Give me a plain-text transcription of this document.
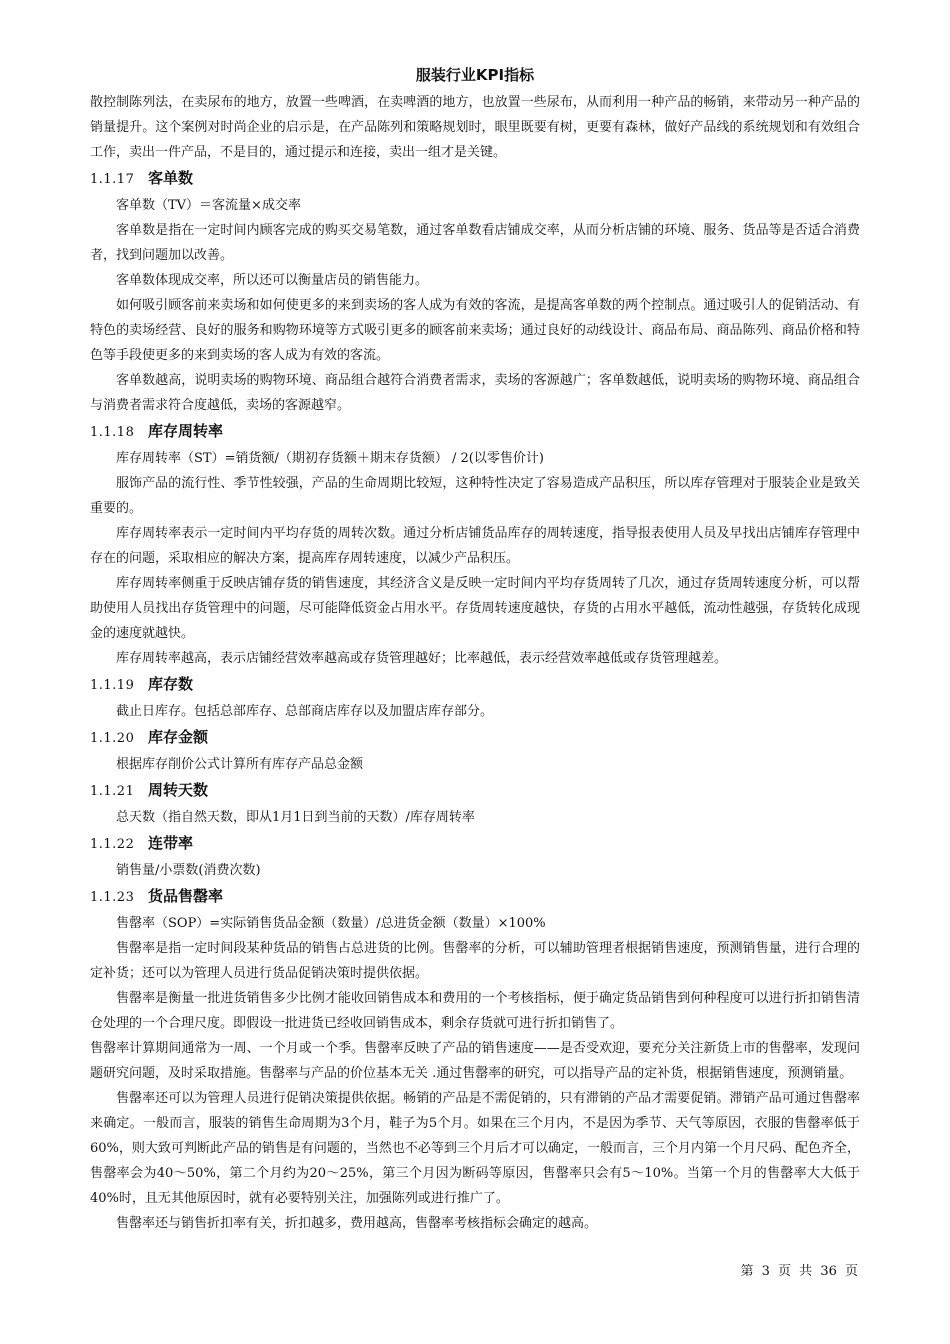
服装行业KPI指标

散控制陈列法，在卖尿布的地方，放置一些啤酒，在卖啤酒的地方，也放置一些尿布，从而利用一种产品的畅销，来带动另一种产品的销量提升。这个案例对时尚企业的启示是，在产品陈列和策略规划时，眼里既要有树，更要有森林，做好产品线的系统规划和有效组合工作，卖出一件产品，不是目的，通过提示和连接，卖出一组才是关键。

1.1.17 客单数

客单数（TV）＝客流量×成交率

客单数是指在一定时间内顾客完成的购买交易笔数，通过客单数看店铺成交率，从而分析店铺的环境、服务、货品等是否适合消费者，找到问题加以改善。

客单数体现成交率，所以还可以衡量店员的销售能力。

如何吸引顾客前来卖场和如何使更多的来到卖场的客人成为有效的客流，是提高客单数的两个控制点。通过吸引人的促销活动、有特色的卖场经营、良好的服务和购物环境等方式吸引更多的顾客前来卖场；通过良好的动线设计、商品布局、商品陈列、商品价格和特色等手段使更多的来到卖场的客人成为有效的客流。

客单数越高，说明卖场的购物环境、商品组合越符合消费者需求，卖场的客源越广；客单数越低，说明卖场的购物环境、商品组合与消费者需求符合度越低，卖场的客源越窄。

1.1.18 库存周转率

库存周转率（ST）=销货额/（期初存货额＋期末存货额） / 2(以零售价计)

服饰产品的流行性、季节性较强，产品的生命周期比较短，这种特性决定了容易造成产品积压，所以库存管理对于服装企业是致关重要的。

库存周转率表示一定时间内平均存货的周转次数。通过分析店铺货品库存的周转速度，指导报表使用人员及早找出店铺库存管理中存在的问题，采取相应的解决方案，提高库存周转速度，以减少产品积压。

库存周转率侧重于反映店铺存货的销售速度，其经济含义是反映一定时间内平均存货周转了几次，通过存货周转速度分析，可以帮助使用人员找出存货管理中的问题，尽可能降低资金占用水平。存货周转速度越快，存货的占用水平越低，流动性越强，存货转化成现金的速度就越快。

库存周转率越高，表示店铺经营效率越高或存货管理越好；比率越低，表示经营效率越低或存货管理越差。

1.1.19 库存数

截止日库存。包括总部库存、总部商店库存以及加盟店库存部分。

1.1.20 库存金额

根据库存削价公式计算所有库存产品总金额

1.1.21 周转天数

总天数（指自然天数，即从1月1日到当前的天数）/库存周转率

1.1.22 连带率

销售量/小票数(消费次数)

1.1.23 货品售罄率

售罄率（SOP）=实际销售货品金额（数量）/总进货金额（数量）×100%

售罄率是指一定时间段某种货品的销售占总进货的比例。售罄率的分析，可以辅助管理者根据销售速度，预测销售量，进行合理的定补货；还可以为管理人员进行货品促销决策时提供依据。

售罄率是衡量一批进货销售多少比例才能收回销售成本和费用的一个考核指标，便于确定货品销售到何种程度可以进行折扣销售清仓处理的一个合理尺度。即假设一批进货已经收回销售成本，剩余存货就可进行折扣销售了。

售罄率计算期间通常为一周、一个月或一个季。售罄率反映了产品的销售速度——是否受欢迎，要充分关注新货上市的售罄率，发现问题研究问题，及时采取措施。售罄率与产品的价位基本无关 .通过售罄率的研究，可以指导产品的定补货，根据销售速度，预测销量。

售罄率还可以为管理人员进行促销决策提供依据。畅销的产品是不需促销的，只有滞销的产品才需要促销。滞销产品可通过售罄率来确定。一般而言，服装的销售生命周期为3个月，鞋子为5个月。如果在三个月内，不是因为季节、天气等原因，衣服的售罄率低于60%，则大致可判断此产品的销售是有问题的，当然也不必等到三个月后才可以确定，一般而言，三个月内第一个月尺码、配色齐全，售罄率会为40～50%，第二个月约为20～25%，第三个月因为断码等原因，售罄率只会有5～10%。当第一个月的售罄率大大低于40%时，且无其他原因时，就有必要特别关注，加强陈列或进行推广了。

售罄率还与销售折扣率有关，折扣越多，费用越高，售罄率考核指标会确定的越高。

第 3 页 共 36 页
